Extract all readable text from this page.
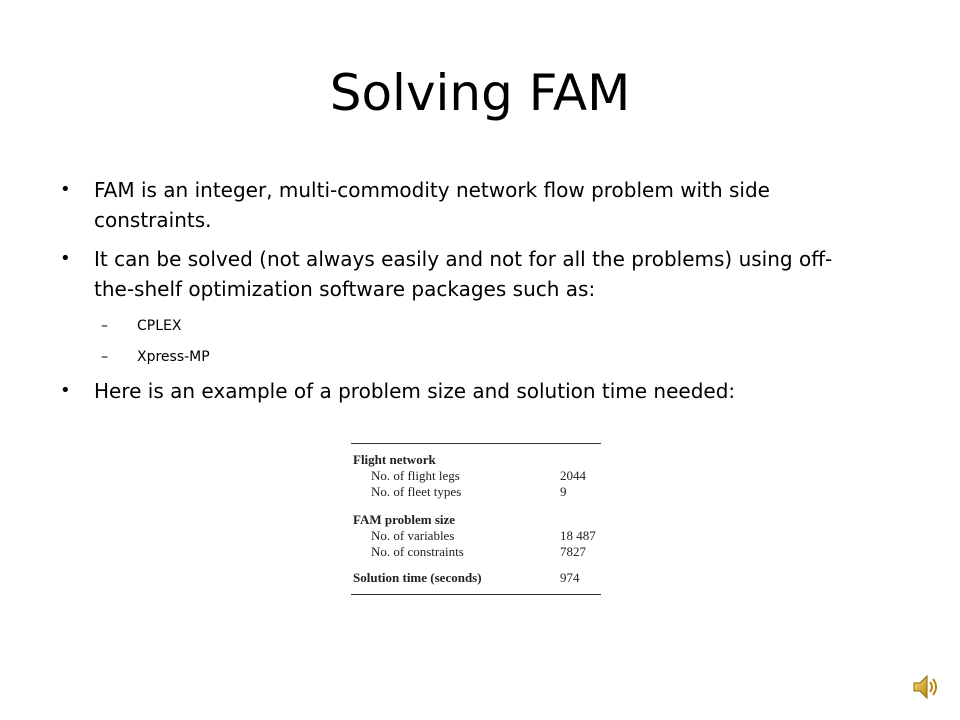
Solving FAM
• FAM is an integer, multi-commodity network flow problem with side
constraints.
• It can be solved (not always easily and not for all the problems) using off-
the-shelf optimization software packages such as:
– CPLEX
– Xpress-MP
• Here is an example of a problem size and solution time needed:
Flight network
No. of flight legs	2044
No. of fleet types	9
FAM problem size
No. of variables	18 487
No. of constraints	7827
Solution time (seconds)	974
